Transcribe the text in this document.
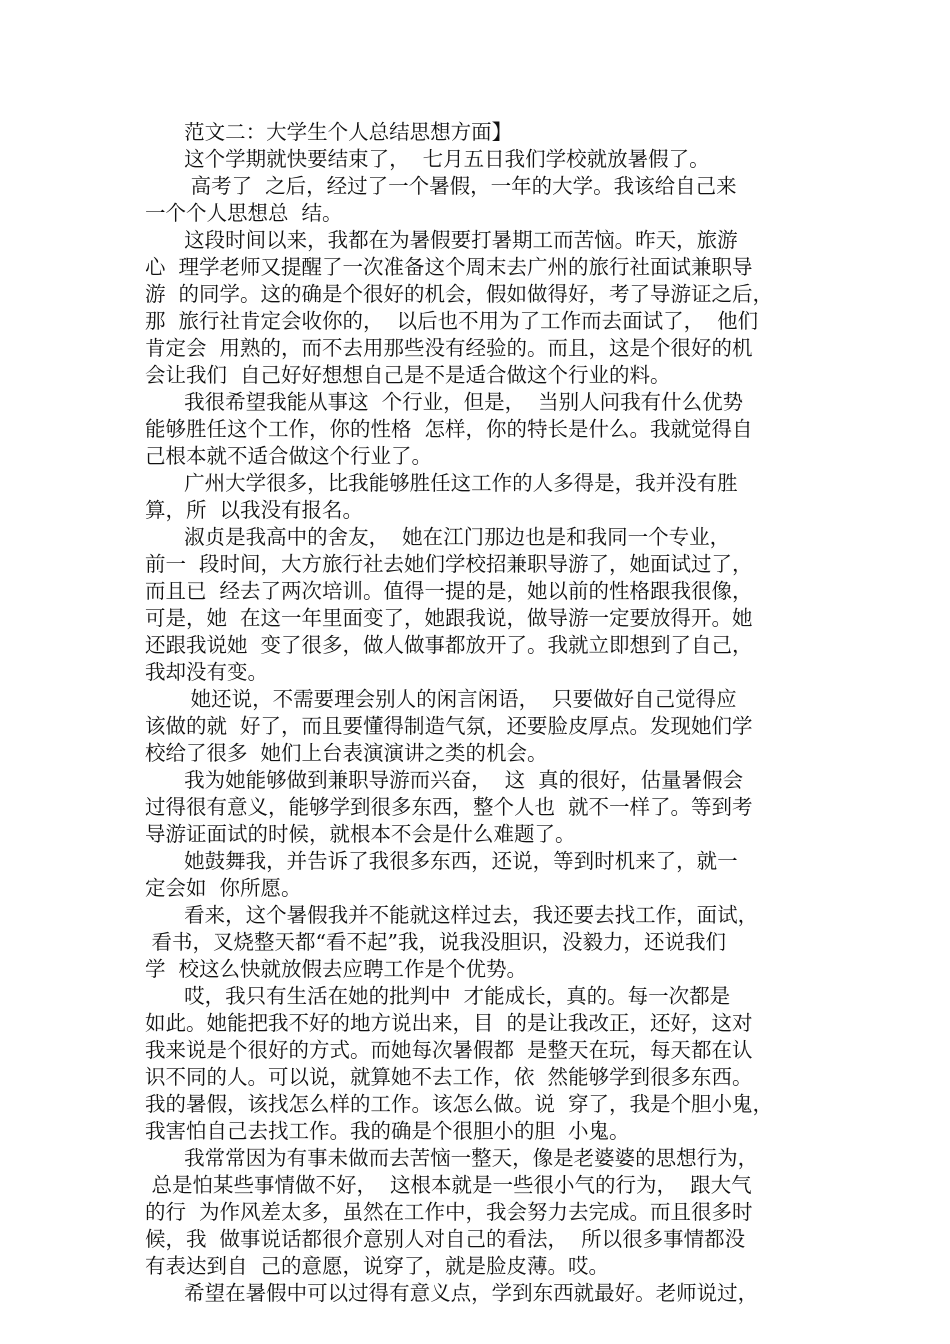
范文二：大学生个人总结思想方面】
这个学期就快要结束了，  七月五日我们学校就放暑假了。
高考了  之后，经过了一个暑假，一年的大学。我该给自己来
一个个人思想总  结。
这段时间以来，我都在为暑假要打暑期工而苦恼。昨天，旅游
心  理学老师又提醒了一次准备这个周末去广州的旅行社面试兼职导
游  的同学。这的确是个很好的机会，假如做得好，考了导游证之后，
那  旅行社肯定会收你的，  以后也不用为了工作而去面试了，  他们
肯定会  用熟的，而不去用那些没有经验的。而且，这是个很好的机
会让我们  自己好好想想自己是不是适合做这个行业的料。
我很希望我能从事这  个行业，但是，  当别人问我有什么优势
能够胜任这个工作，你的性格  怎样，你的特长是什么。我就觉得自
己根本就不适合做这个行业了。
广州大学很多，比我能够胜任这工作的人多得是，我并没有胜
算，所  以我没有报名。
淑贞是我高中的舍友，  她在江门那边也是和我同一个专业，
前一  段时间，大方旅行社去她们学校招兼职导游了，她面试过了，
而且已  经去了两次培训。值得一提的是，她以前的性格跟我很像，
可是，她  在这一年里面变了，她跟我说，做导游一定要放得开。她
还跟我说她  变了很多，做人做事都放开了。我就立即想到了自己，
我却没有变。
她还说，不需要理会别人的闲言闲语，  只要做好自己觉得应
该做的就  好了，而且要懂得制造气氛，还要脸皮厚点。发现她们学
校给了很多  她们上台表演演讲之类的机会。
我为她能够做到兼职导游而兴奋，  这  真的很好，估量暑假会
过得很有意义，能够学到很多东西，整个人也  就不一样了。等到考
导游证面试的时候，就根本不会是什么难题了。
她鼓舞我，并告诉了我很多东西，还说，等到时机来了，就一
定会如  你所愿。
看来，这个暑假我并不能就这样过去，我还要去找工作，面试，
看书，叉烧整天都“看不起”我，说我没胆识，没毅力，还说我们
学  校这么快就放假去应聘工作是个优势。
哎，我只有生活在她的批判中  才能成长，真的。每一次都是
如此。她能把我不好的地方说出来，目  的是让我改正，还好，这对
我来说是个很好的方式。而她每次暑假都  是整天在玩，每天都在认
识不同的人。可以说，就算她不去工作，依  然能够学到很多东西。
我的暑假，该找怎么样的工作。该怎么做。说  穿了，我是个胆小鬼，
我害怕自己去找工作。我的确是个很胆小的胆  小鬼。
我常常因为有事未做而去苦恼一整天，像是老婆婆的思想行为，
总是怕某些事情做不好，  这根本就是一些很小气的行为，  跟大气
的行  为作风差太多，虽然在工作中，我会努力去完成。而且很多时
候，我  做事说话都很介意别人对自己的看法，  所以很多事情都没
有表达到自  己的意愿，说穿了，就是脸皮薄。哎。
希望在暑假中可以过得有意义点，学到东西就最好。老师说过，
